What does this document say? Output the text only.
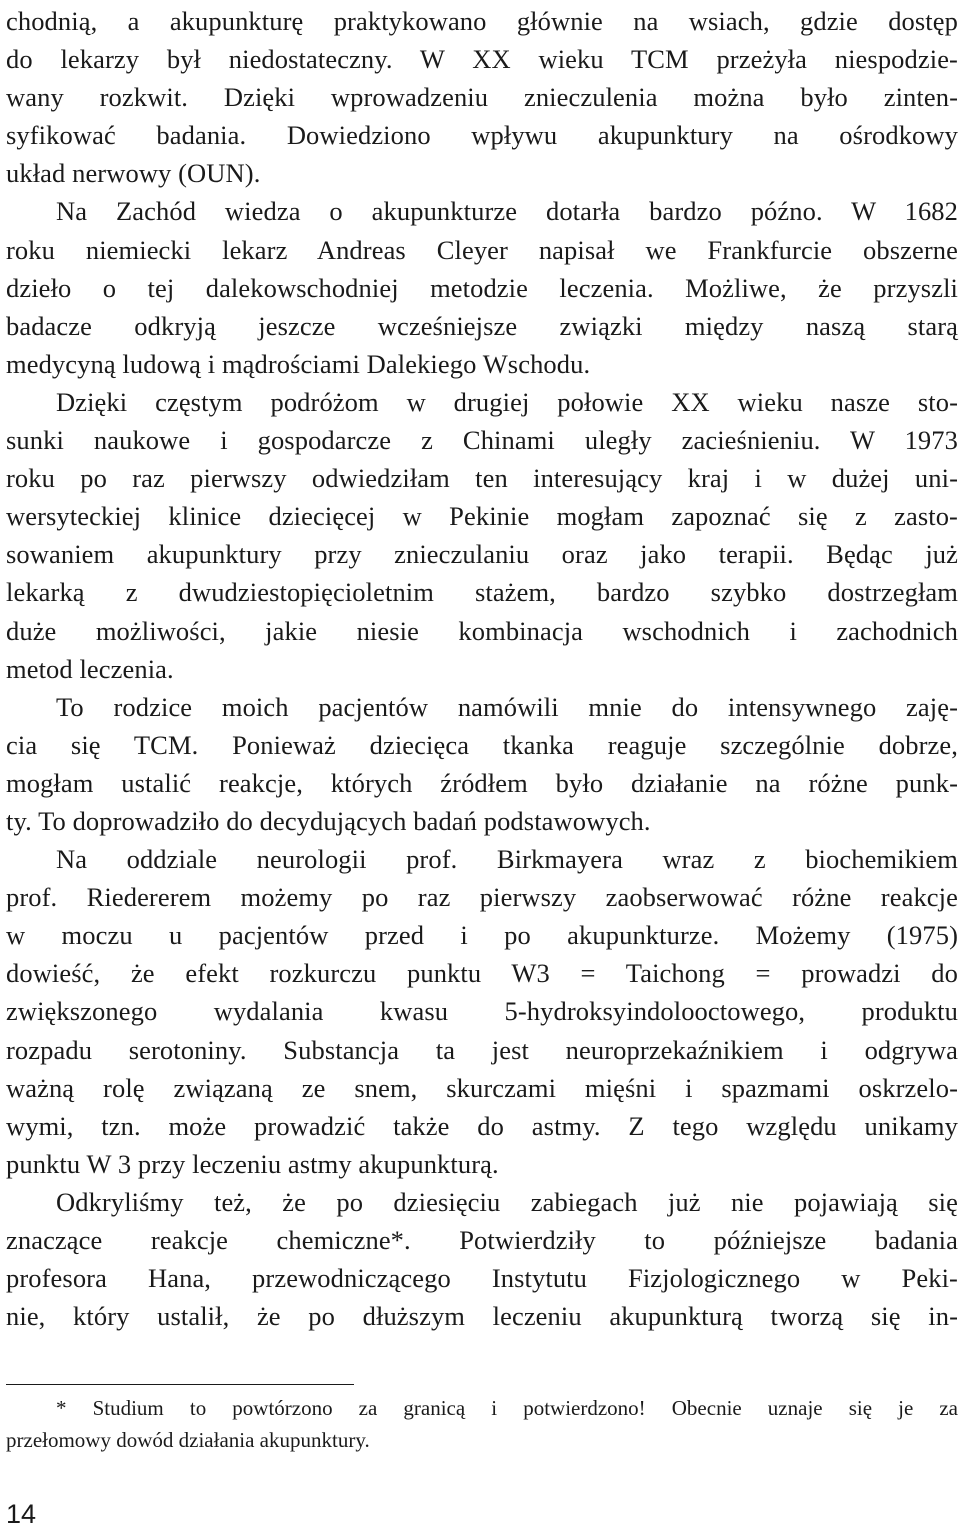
chodnią, a akupunkturę praktykowano głównie na wsiach, gdzie dostęp
do lekarzy był niedostateczny. W XX wieku TCM przeżyła niespodzie-
wany rozkwit. Dzięki wprowadzeniu znieczulenia można było zinten-
syfikować badania. Dowiedziono wpływu akupunktury na ośrodkowy
układ nerwowy (OUN).
Na Zachód wiedza o akupunkturze dotarła bardzo późno. W 1682
roku niemiecki lekarz Andreas Cleyer napisał we Frankfurcie obszerne
dzieło o tej dalekowschodniej metodzie leczenia. Możliwe, że przyszli
badacze odkryją jeszcze wcześniejsze związki między naszą starą
medycyną ludową i mądrościami Dalekiego Wschodu.
Dzięki częstym podróżom w drugiej połowie XX wieku nasze sto-
sunki naukowe i gospodarcze z Chinami uległy zacieśnieniu. W 1973
roku po raz pierwszy odwiedziłam ten interesujący kraj i w dużej uni-
wersyteckiej klinice dziecięcej w Pekinie mogłam zapoznać się z zasto-
sowaniem akupunktury przy znieczulaniu oraz jako terapii. Będąc już
lekarką z dwudziestopięcioletnim stażem, bardzo szybko dostrzegłam
duże możliwości, jakie niesie kombinacja wschodnich i zachodnich
metod leczenia.
To rodzice moich pacjentów namówili mnie do intensywnego zaję-
cia się TCM. Ponieważ dziecięca tkanka reaguje szczególnie dobrze,
mogłam ustalić reakcje, których źródłem było działanie na różne punk-
ty. To doprowadziło do decydujących badań podstawowych.
Na oddziale neurologii prof. Birkmayera wraz z biochemikiem
prof. Riedererem możemy po raz pierwszy zaobserwować różne reakcje
w moczu u pacjentów przed i po akupunkturze. Możemy (1975)
dowieść, że efekt rozkurczu punktu W3 = Taichong = prowadzi do
zwiększonego wydalania kwasu 5-hydroksyindolooctowego, produktu
rozpadu serotoniny. Substancja ta jest neuroprzekaźnikiem i odgrywa
ważną rolę związaną ze snem, skurczami mięśni i spazmami oskrzelo-
wymi, tzn. może prowadzić także do astmy. Z tego względu unikamy
punktu W 3 przy leczeniu astmy akupunkturą.
Odkryliśmy też, że po dziesięciu zabiegach już nie pojawiają się
znaczące reakcje chemiczne*. Potwierdziły to późniejsze badania
profesora Hana, przewodniczącego Instytutu Fizjologicznego w Peki-
nie, który ustalił, że po dłuższym leczeniu akupunkturą tworzą się in-
* Studium to powtórzono za granicą i potwierdzono! Obecnie uznaje się je za
przełomowy dowód działania akupunktury.
14
